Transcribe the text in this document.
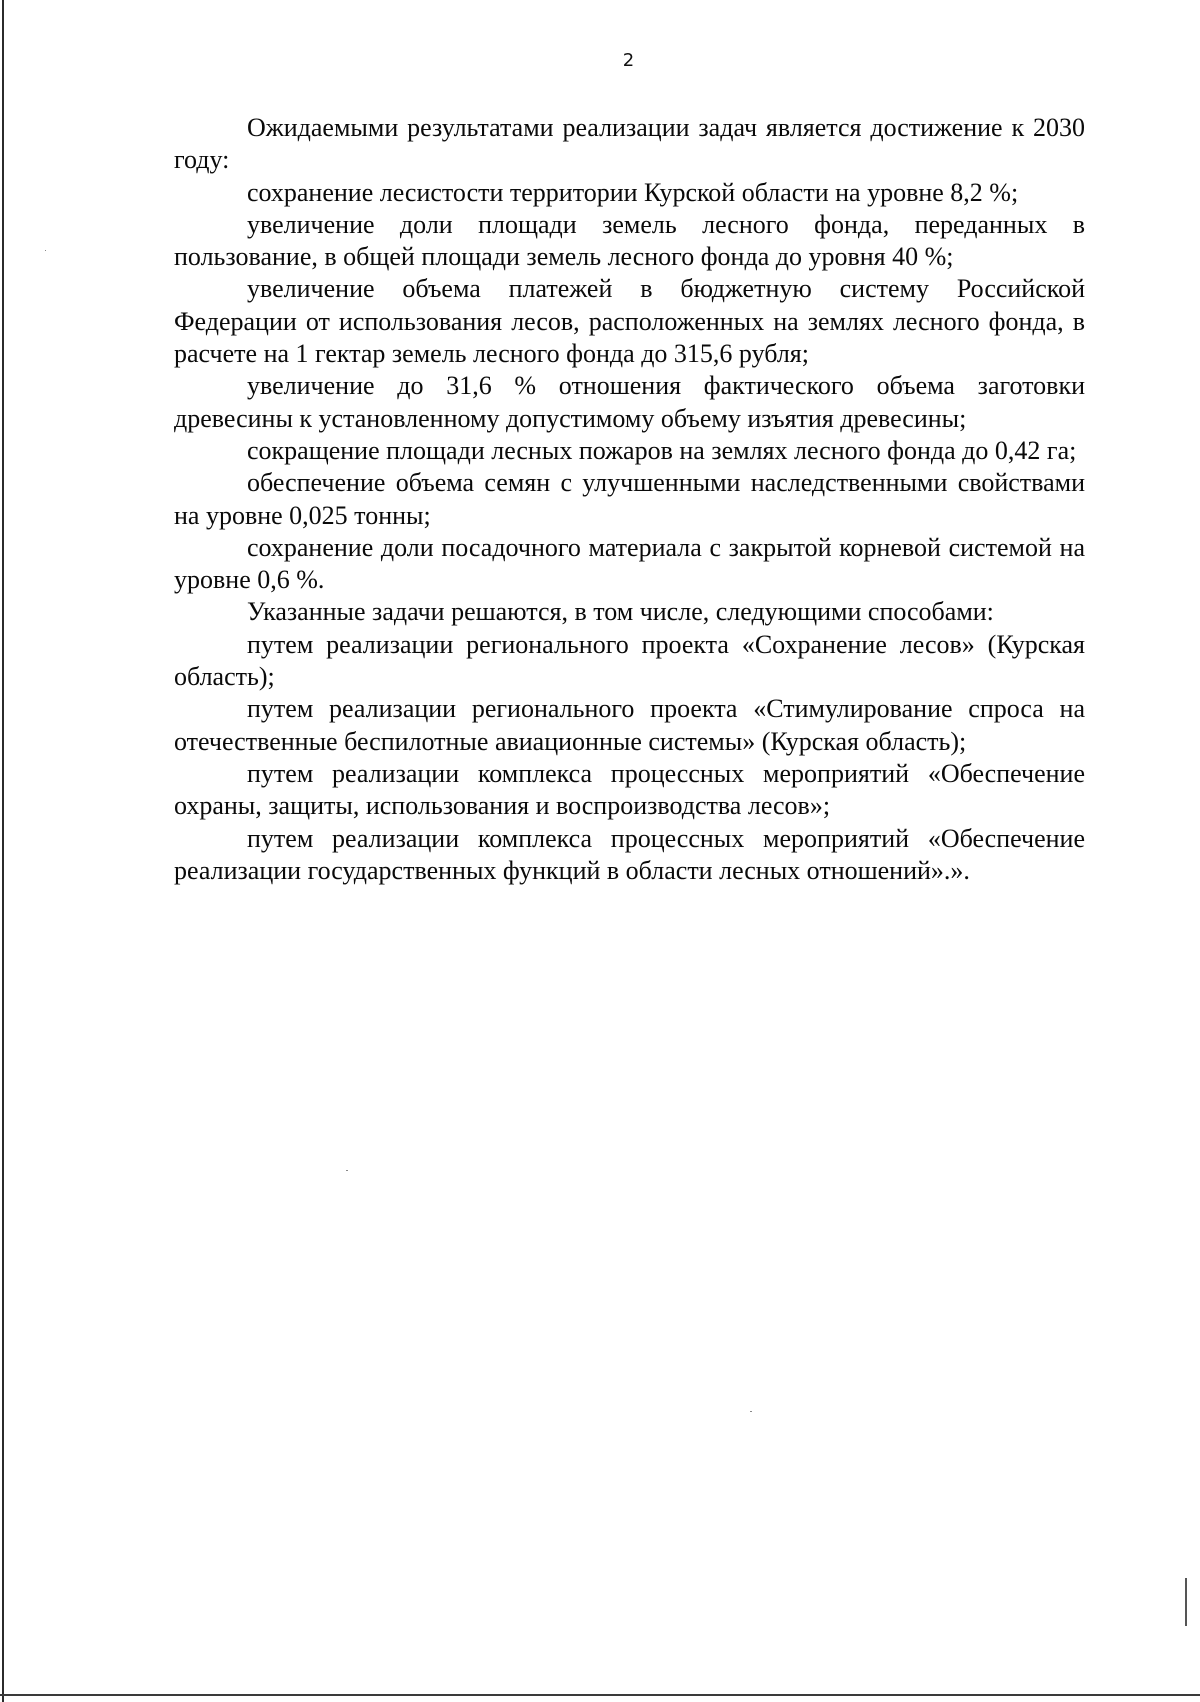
2

Ожидаемыми результатами реализации задач является достижение к 2030 году:

сохранение лесистости территории Курской области на уровне 8,2 %;

увеличение доли площади земель лесного фонда, переданных в пользование, в общей площади земель лесного фонда до уровня 40 %;

увеличение объема платежей в бюджетную систему Российской Федерации от использования лесов, расположенных на землях лесного фонда, в расчете на 1 гектар земель лесного фонда до 315,6 рубля;

увеличение до 31,6 % отношения фактического объема заготовки древесины к установленному допустимому объему изъятия древесины;

сокращение площади лесных пожаров на землях лесного фонда до 0,42 га;

обеспечение объема семян с улучшенными наследственными свойствами на уровне 0,025 тонны;

сохранение доли посадочного материала с закрытой корневой системой на уровне 0,6 %.

Указанные задачи решаются, в том числе, следующими способами:

путем реализации регионального проекта «Сохранение лесов» (Курская область);

путем реализации регионального проекта «Стимулирование спроса на отечественные беспилотные авиационные системы» (Курская область);

путем реализации комплекса процессных мероприятий «Обеспечение охраны, защиты, использования и воспроизводства лесов»;

путем реализации комплекса процессных мероприятий «Обеспечение реализации государственных функций в области лесных отношений».».
